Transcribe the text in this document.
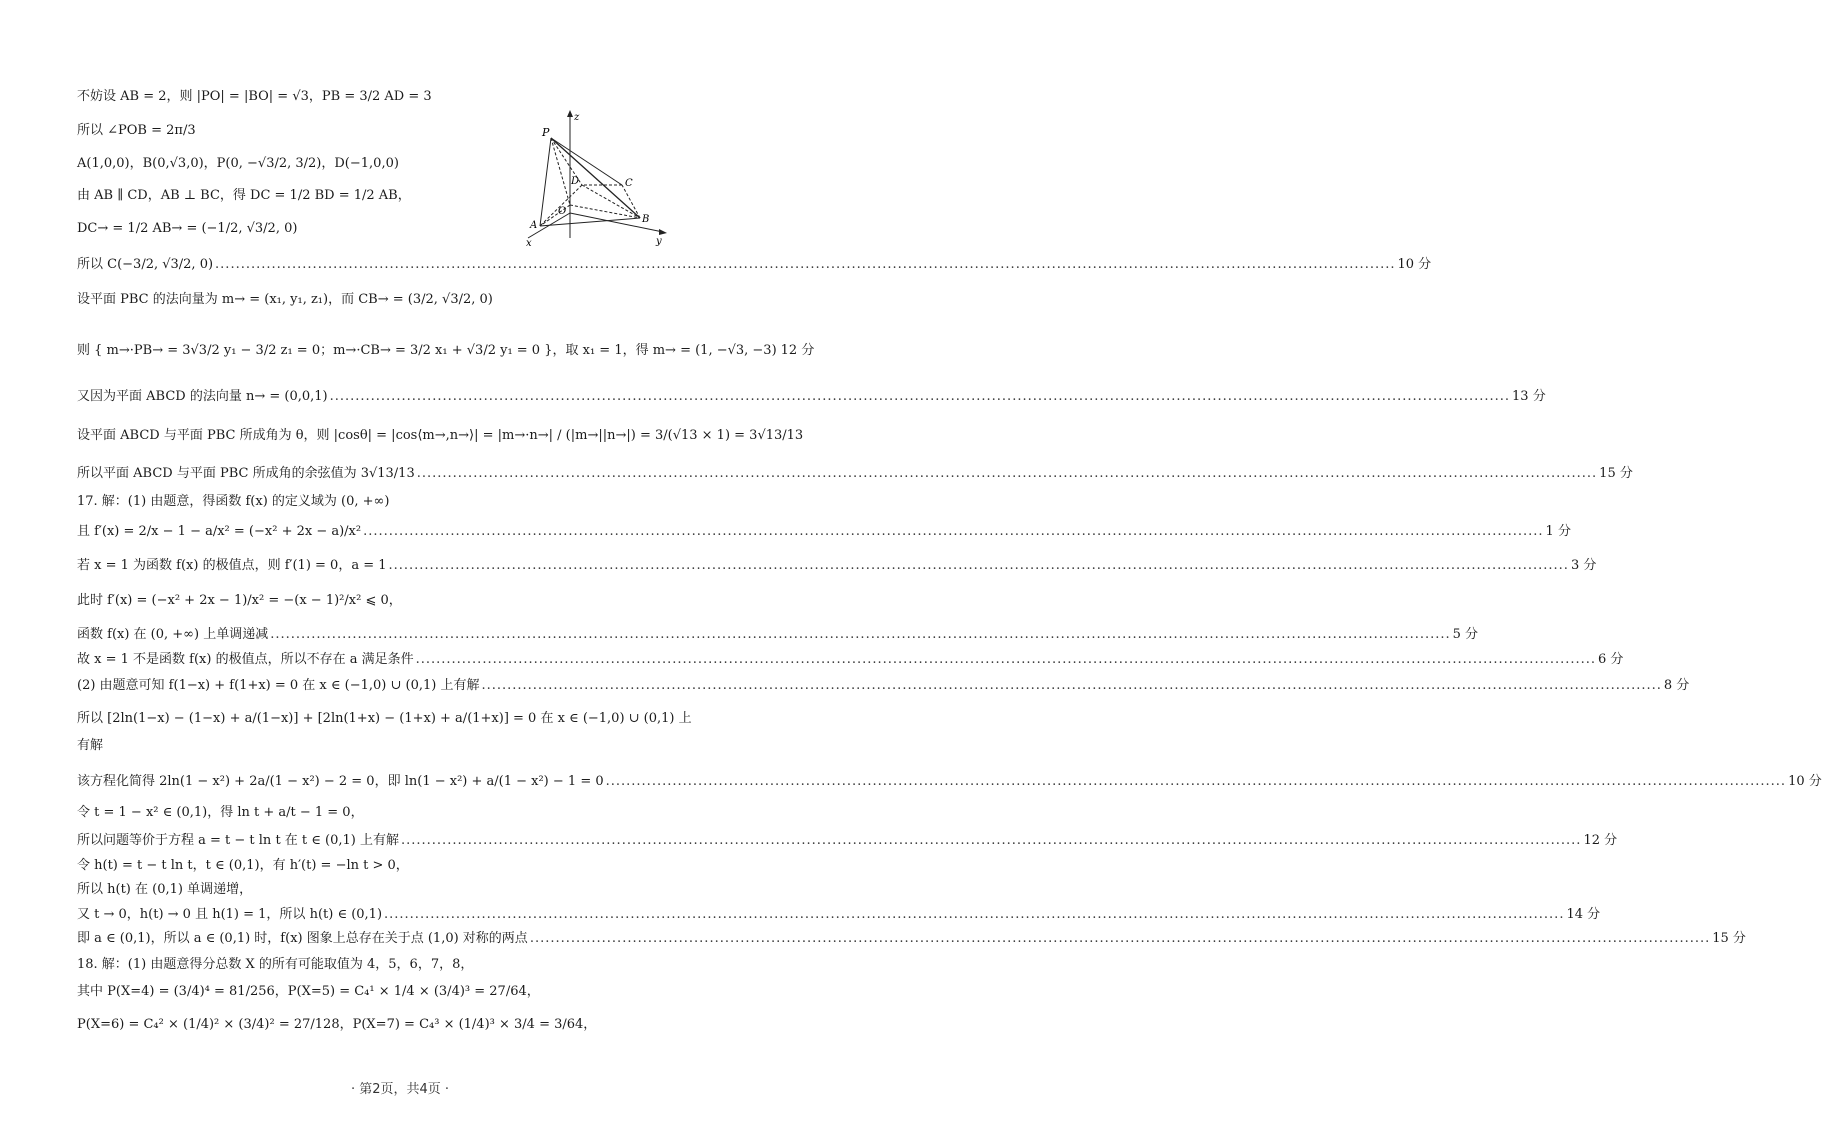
不妨设 AB = 2，则 |PO| = |BO| = √3，PB = 3/2 AD = 3
所以 ∠POB = 2π/3
A(1,0,0)，B(0,√3,0)，P(0, −√3/2, 3/2)，D(−1,0,0)
由 AB ∥ CD，AB ⊥ BC，得 DC = 1/2 BD = 1/2 AB，
DC→ = 1/2 AB→ = (−1/2, √3/2, 0)
所以 C(−3/2, √3/2, 0) .....	10 分
设平面 PBC 的法向量为 m→ = (x₁, y₁, z₁)，而 CB→ = (3/2, √3/2, 0)
则 { m→·PB→ = 3√3/2 y₁ − 3/2 z₁ = 0；m→·CB→ = 3/2 x₁ + √3/2 y₁ = 0 }，取 x₁ = 1，得 m→ = (1, −√3, −3) 12 分
又因为平面 ABCD 的法向量 n→ = (0,0,1) .....	13 分
设平面 ABCD 与平面 PBC 所成角为 θ，则 |cosθ| = |cos⟨m→,n→⟩| = |m→·n→| / (|m→||n→|) = 3/(√13 × 1) = 3√13/13
所以平面 ABCD 与平面 PBC 所成角的余弦值为 3√13/13 .....	15 分
17. 解：(1) 由题意，得函数 f(x) 的定义域为 (0, +∞)
且 f′(x) = 2/x − 1 − a/x² = (−x² + 2x − a)/x² .....	1 分
若 x = 1 为函数 f(x) 的极值点，则 f′(1) = 0，a = 1 .....	3 分
此时 f′(x) = (−x² + 2x − 1)/x² = −(x − 1)²/x² ⩽ 0，
函数 f(x) 在 (0, +∞) 上单调递减 .....	5 分
故 x = 1 不是函数 f(x) 的极值点，所以不存在 a 满足条件 .....	6 分
(2) 由题意可知 f(1−x) + f(1+x) = 0 在 x ∈ (−1,0) ∪ (0,1) 上有解 .....	8 分
所以 [2ln(1−x) − (1−x) + a/(1−x)] + [2ln(1+x) − (1+x) + a/(1+x)] = 0 在 x ∈ (−1,0) ∪ (0,1) 上
有解
该方程化简得 2ln(1 − x²) + 2a/(1 − x²) − 2 = 0，即 ln(1 − x²) + a/(1 − x²) − 1 = 0 .....	10 分
令 t = 1 − x² ∈ (0,1)，得 ln t + a/t − 1 = 0，
所以问题等价于方程 a = t − t ln t 在 t ∈ (0,1) 上有解 .....	12 分
令 h(t) = t − t ln t，t ∈ (0,1)，有 h′(t) = −ln t > 0，
所以 h(t) 在 (0,1) 单调递增，
又 t → 0，h(t) → 0 且 h(1) = 1，所以 h(t) ∈ (0,1) .....	14 分
即 a ∈ (0,1)，所以 a ∈ (0,1) 时，f(x) 图象上总存在关于点 (1,0) 对称的两点 .....	15 分
18. 解：(1) 由题意得分总数 X 的所有可能取值为 4，5，6，7，8，
其中 P(X=4) = (3/4)⁴ = 81/256，P(X=5) = C₄¹ × 1/4 × (3/4)³ = 27/64，
P(X=6) = C₄² × (1/4)² × (3/4)² = 27/128，P(X=7) = C₄³ × (1/4)³ × 3/4 = 3/64，
P
z
D	C
O
A
B
x	y
· 第2页，共4页 ·
